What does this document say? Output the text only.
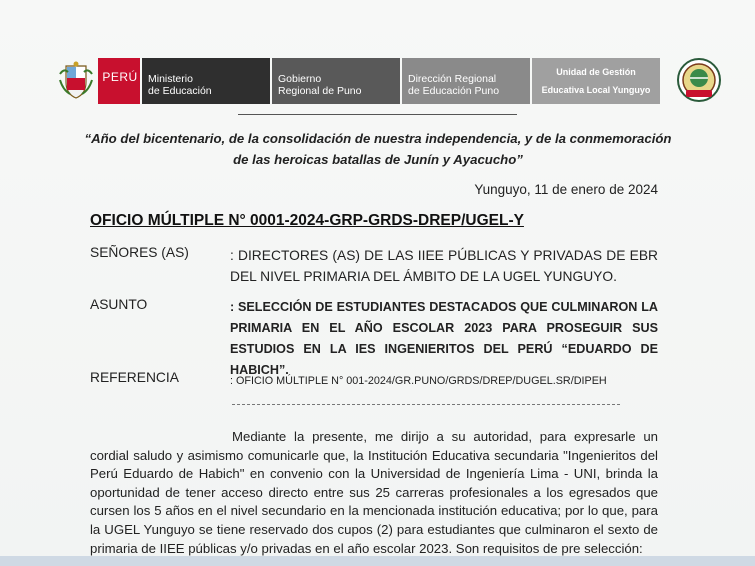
PERÚ Ministerio
de Educación
Gobierno
Regional de Puno
Dirección Regional
de Educación Puno
Unidad de Gestión
Educativa Local Yunguyo
“Año del bicentenario, de la consolidación de nuestra independencia, y de la conmemoración
de las heroicas batallas de Junín y Ayacucho”
Yunguyo, 11 de enero de 2024
OFICIO MÚLTIPLE N° 0001-2024-GRP-GRDS-DREP/UGEL-Y
SEÑORES (AS)	: DIRECTORES (AS) DE LAS IIEE PÚBLICAS Y PRIVADAS DE EBR DEL NIVEL PRIMARIA DEL ÁMBITO DE LA UGEL YUNGUYO.
ASUNTO	: SELECCIÓN DE ESTUDIANTES DESTACADOS QUE CULMINARON LA PRIMARIA EN EL AÑO ESCOLAR 2023 PARA PROSEGUIR SUS ESTUDIOS EN LA IES INGENIERITOS DEL PERÚ “EDUARDO DE HABICH”.
REFERENCIA	: OFICIO MÚLTIPLE N° 001-2024/GR.PUNO/GRDS/DREP/DUGEL.SR/DIPEH

Mediante la presente, me dirijo a su autoridad, para expresarle un cordial saludo y asimismo comunicarle que, la Institución Educativa secundaria "Ingenieritos del Perú Eduardo de Habich" en convenio con la Universidad de Ingeniería Lima - UNI, brinda la oportunidad de tener acceso directo entre sus 25 carreras profesionales a los egresados que cursen los 5 años en el nivel secundario en la mencionada institución educativa; por lo que, para la UGEL Yunguyo se tiene reservado dos cupos (2) para estudiantes que culminaron el sexto de primaria de IIEE públicas y/o privadas en el año escolar 2023. Son requisitos de pre selección:
